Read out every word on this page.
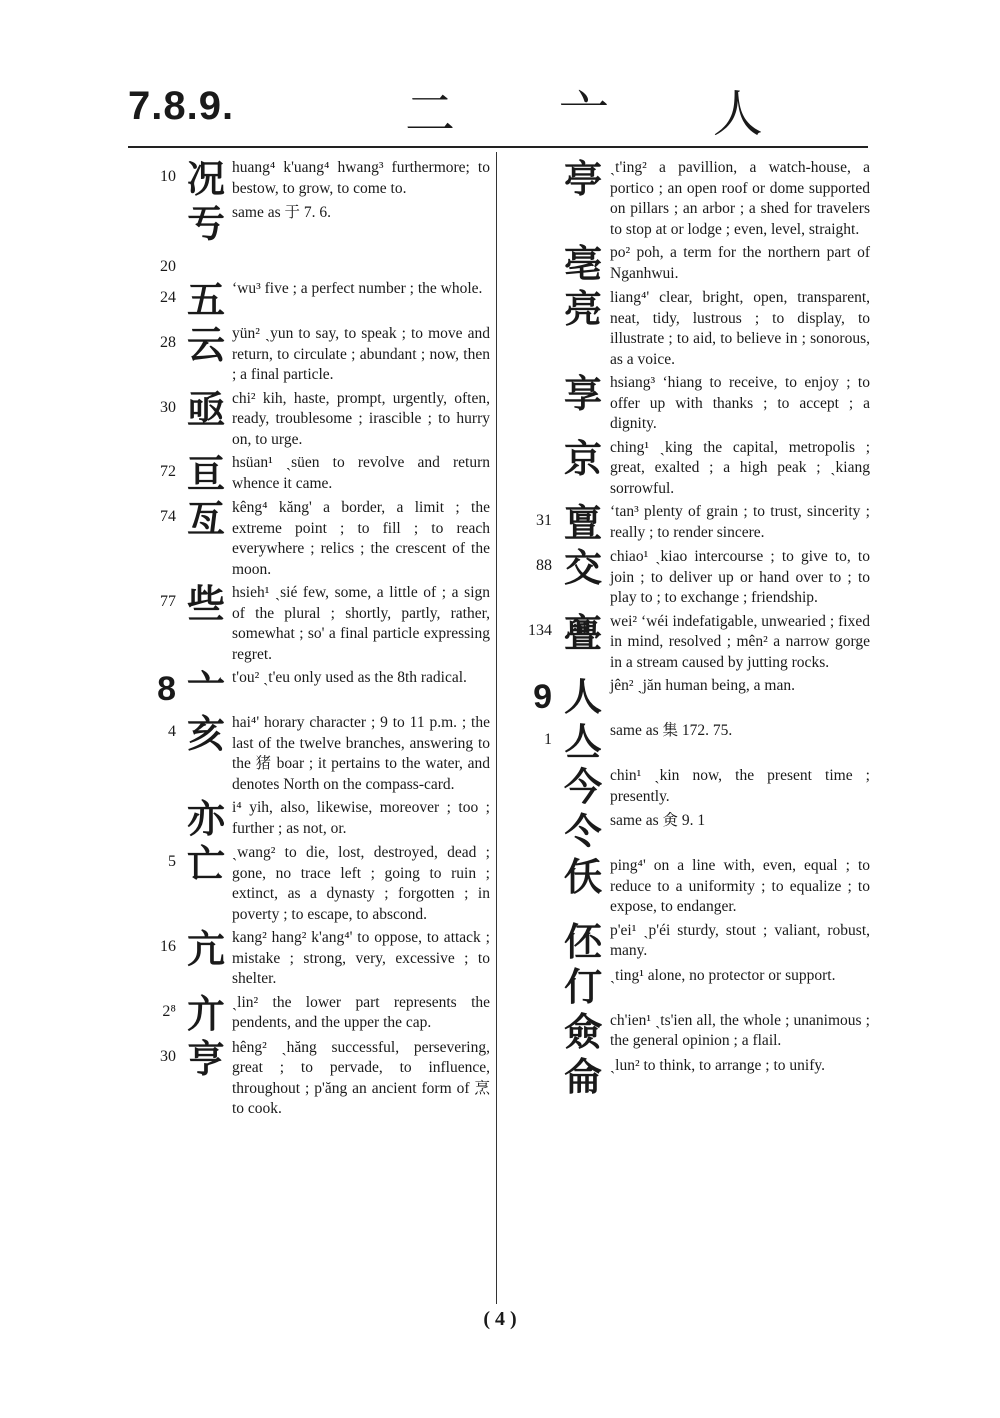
7.8.9.	二 亠 人
10 况 huang⁴ k'uang⁴ hwang³ furthermore; to bestow, to grow, to come to.
亐 same as 于 7. 6.
20
24 五 ʻwu³ five ; a perfect number ; the whole.
28 云 yün² ˏyun to say, to speak ; to move and return, to circulate ; abundant ; now, then ; a final particle.
30 亟 chi² kih, haste, prompt, urgently, often, ready, troublesome ; irascible ; to hurry on, to urge.
72 亘 hsüan¹ ˏsüen to revolve and return whence it came.
74 亙 kêng⁴ kăng' a border, a limit ; the extreme point ; to fill ; to reach everywhere ; relics ; the crescent of the moon.
77 些 hsieh¹ ˏsié few, some, a little of ; a sign of the plural ; shortly, partly, rather, somewhat ; so' a final particle expressing regret.
8 亠 t'ou² ˏt'eu only used as the 8th radical.
4 亥 hai⁴' horary character ; 9 to 11 p.m. ; the last of the twelve branches, answering to the 猪 boar ; it pertains to the water, and denotes North on the compass-card.
亦 i⁴ yih, also, likewise, moreover ; too ; further ; as not, or.
5 亡 ˏwang² to die, lost, destroyed, dead ; gone, no trace left ; going to ruin ; extinct, as a dynasty ; forgotten ; in poverty ; to escape, to abscond.
16 亢 kang² hang² k'ang⁴' to oppose, to attack ; mistake ; strong, very, excessive ; to shelter.
2⁸ 亣 ˏlin² the lower part represents the pendents, and the upper the cap.
30 亨 hêng² ˏhăng successful, persevering, great ; to pervade, to influence, throughout ; p'ăng an ancient form of 烹 to cook.
亭 ˏt'ing² a pavillion, a watch-house, a portico ; an open roof or dome supported on pillars ; an arbor ; a shed for travelers to stop at or lodge ; even, level, straight.
亳 po² poh, a term for the northern part of Nganhwui.
亮 liang⁴' clear, bright, open, transparent, neat, tidy, lustrous ; to display, to illustrate ; to aid, to believe in ; sonorous, as a voice.
享 hsiang³ ʻhiang to receive, to enjoy ; to offer up with thanks ; to accept ; a dignity.
京 ching¹ ˏking the capital, metropolis ; great, exalted ; a high peak ; ˏkiang sorrowful.
31 亶 ʻtan³ plenty of grain ; to trust, sincerity ; really ; to render sincere.
88 交 chiao¹ ˏkiao intercourse ; to give to, to join ; to deliver up or hand over to ; to play to ; to exchange ; friendship.
134 亹 wei² ʻwéi indefatigable, unwearied ; fixed in mind, resolved ; mên² a narrow gorge in a stream caused by jutting rocks.
9 人 jên² ˏjăn human being, a man.
1 亼 same as 集 172. 75.
今 chin¹ ˏkin now, the present time ; presently.
仒 same as 㑒 9. 1
仸 ping⁴' on a line with, even, equal ; to reduce to a uniformity ; to equalize ; to expose, to endanger.
伾 p'ei¹ ˏp'éi sturdy, stout ; valiant, robust, many.
仃 ˏting¹ alone, no protector or support.
僉 ch'ien¹ ˏts'ien all, the whole ; unanimous ; the general opinion ; a flail.
侖 ˏlun² to think, to arrange ; to unify.
( 4 )
